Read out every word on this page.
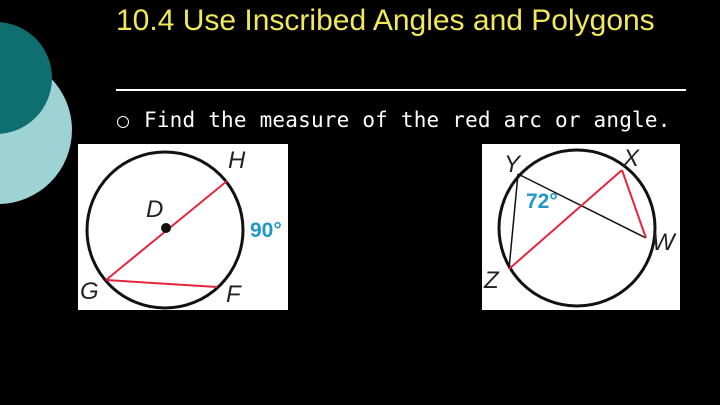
10.4 Use Inscribed Angles and Polygons
Find the measure of the red arc or angle.
H
D
G	F
90°
Y	X
W
Z
72°
